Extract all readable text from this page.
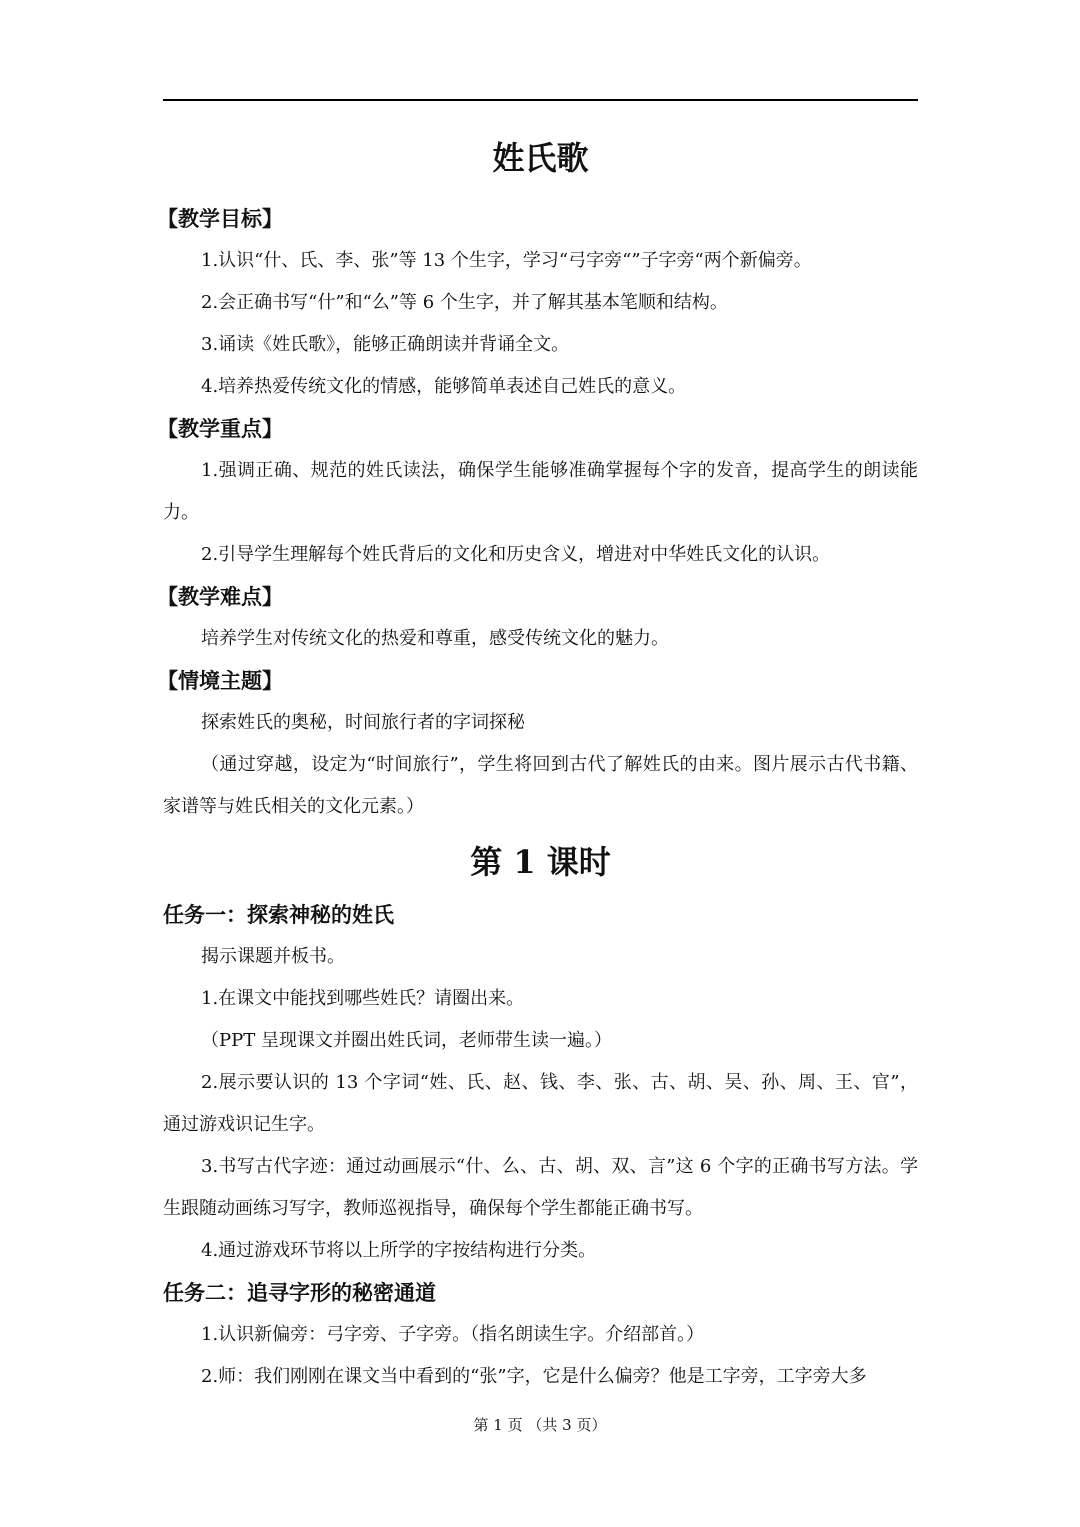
姓氏歌
【教学目标】

1.认识“什、氏、李、张”等 13 个生字，学习“弓字旁“”子字旁“两个新偏旁。

2.会正确书写“什”和“么”等 6 个生字，并了解其基本笔顺和结构。

3.诵读《姓氏歌》，能够正确朗读并背诵全文。

4.培养热爱传统文化的情感，能够简单表述自己姓氏的意义。

【教学重点】

1.强调正确、规范的姓氏读法，确保学生能够准确掌握每个字的发音，提高学生的朗读能力。

2.引导学生理解每个姓氏背后的文化和历史含义，增进对中华姓氏文化的认识。

【教学难点】

培养学生对传统文化的热爱和尊重，感受传统文化的魅力。

【情境主题】

探索姓氏的奥秘，时间旅行者的字词探秘

（通过穿越，设定为“时间旅行”，学生将回到古代了解姓氏的由来。图片展示古代书籍、家谱等与姓氏相关的文化元素。）

第 1 课时
任务一：探索神秘的姓氏

揭示课题并板书。

1.在课文中能找到哪些姓氏？请圈出来。

（PPT 呈现课文并圈出姓氏词，老师带生读一遍。）

2.展示要认识的 13 个字词“姓、氏、赵、钱、李、张、古、胡、吴、孙、周、王、官”，通过游戏识记生字。

3.书写古代字迹：通过动画展示“什、么、古、胡、双、言”这 6 个字的正确书写方法。学生跟随动画练习写字，教师巡视指导，确保每个学生都能正确书写。

4.通过游戏环节将以上所学的字按结构进行分类。

任务二：追寻字形的秘密通道

1.认识新偏旁：弓字旁、子字旁。（指名朗读生字。介绍部首。）

2.师：我们刚刚在课文当中看到的“张”字，它是什么偏旁？他是工字旁，工字旁大多

第 1 页 （共 3 页）
